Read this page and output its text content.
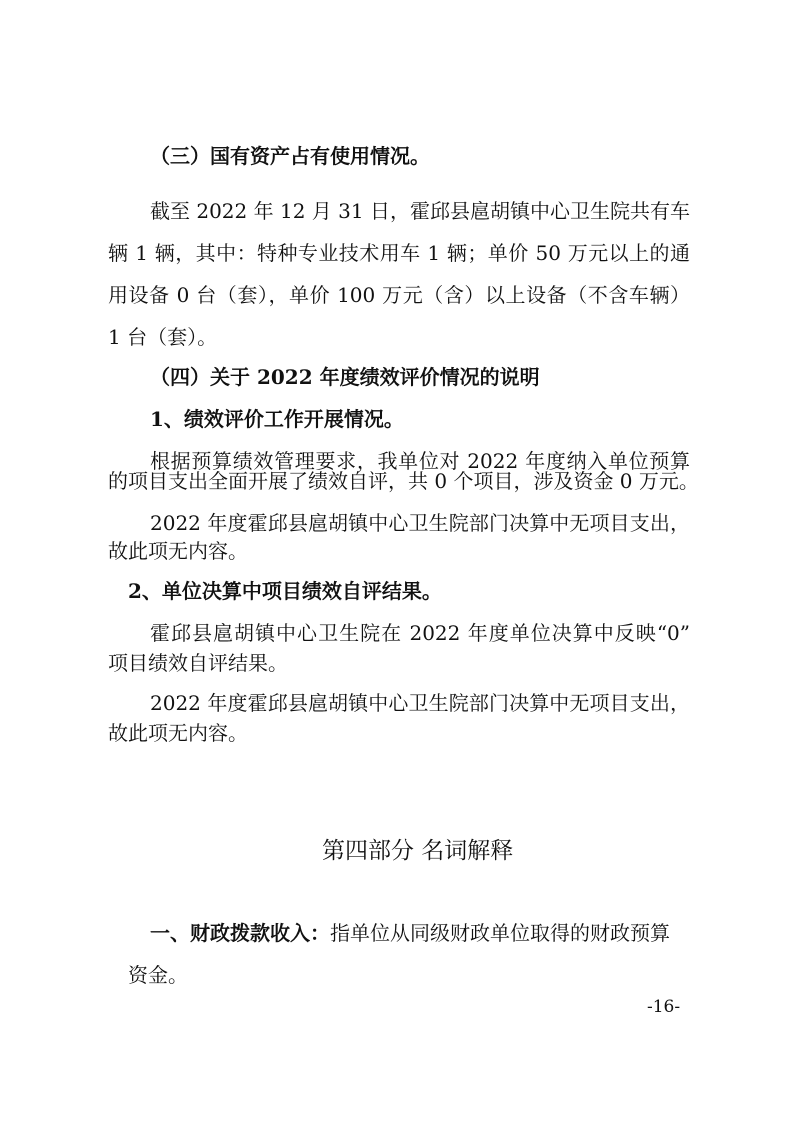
（三）国有资产占有使用情况。

截至 2022 年 12 月 31 日，霍邱县扈胡镇中心卫生院共有车

辆 1 辆，其中：特种专业技术用车 1 辆；单价 50 万元以上的通

用设备 0 台（套），单价 100 万元（含）以上设备（不含车辆）

1 台（套）。

（四）关于 2022 年度绩效评价情况的说明

1、绩效评价工作开展情况。

根据预算绩效管理要求，我单位对 2022 年度纳入单位预算

的项目支出全面开展了绩效自评，共 0 个项目，涉及资金 0 万元。

2022 年度霍邱县扈胡镇中心卫生院部门决算中无项目支出，

故此项无内容。

2、单位决算中项目绩效自评结果。

霍邱县扈胡镇中心卫生院在 2022 年度单位决算中反映“0”

项目绩效自评结果。

2022 年度霍邱县扈胡镇中心卫生院部门决算中无项目支出，

故此项无内容。

第四部分 名词解释

一、财政拨款收入：指单位从同级财政单位取得的财政预算

资金。

-16-
